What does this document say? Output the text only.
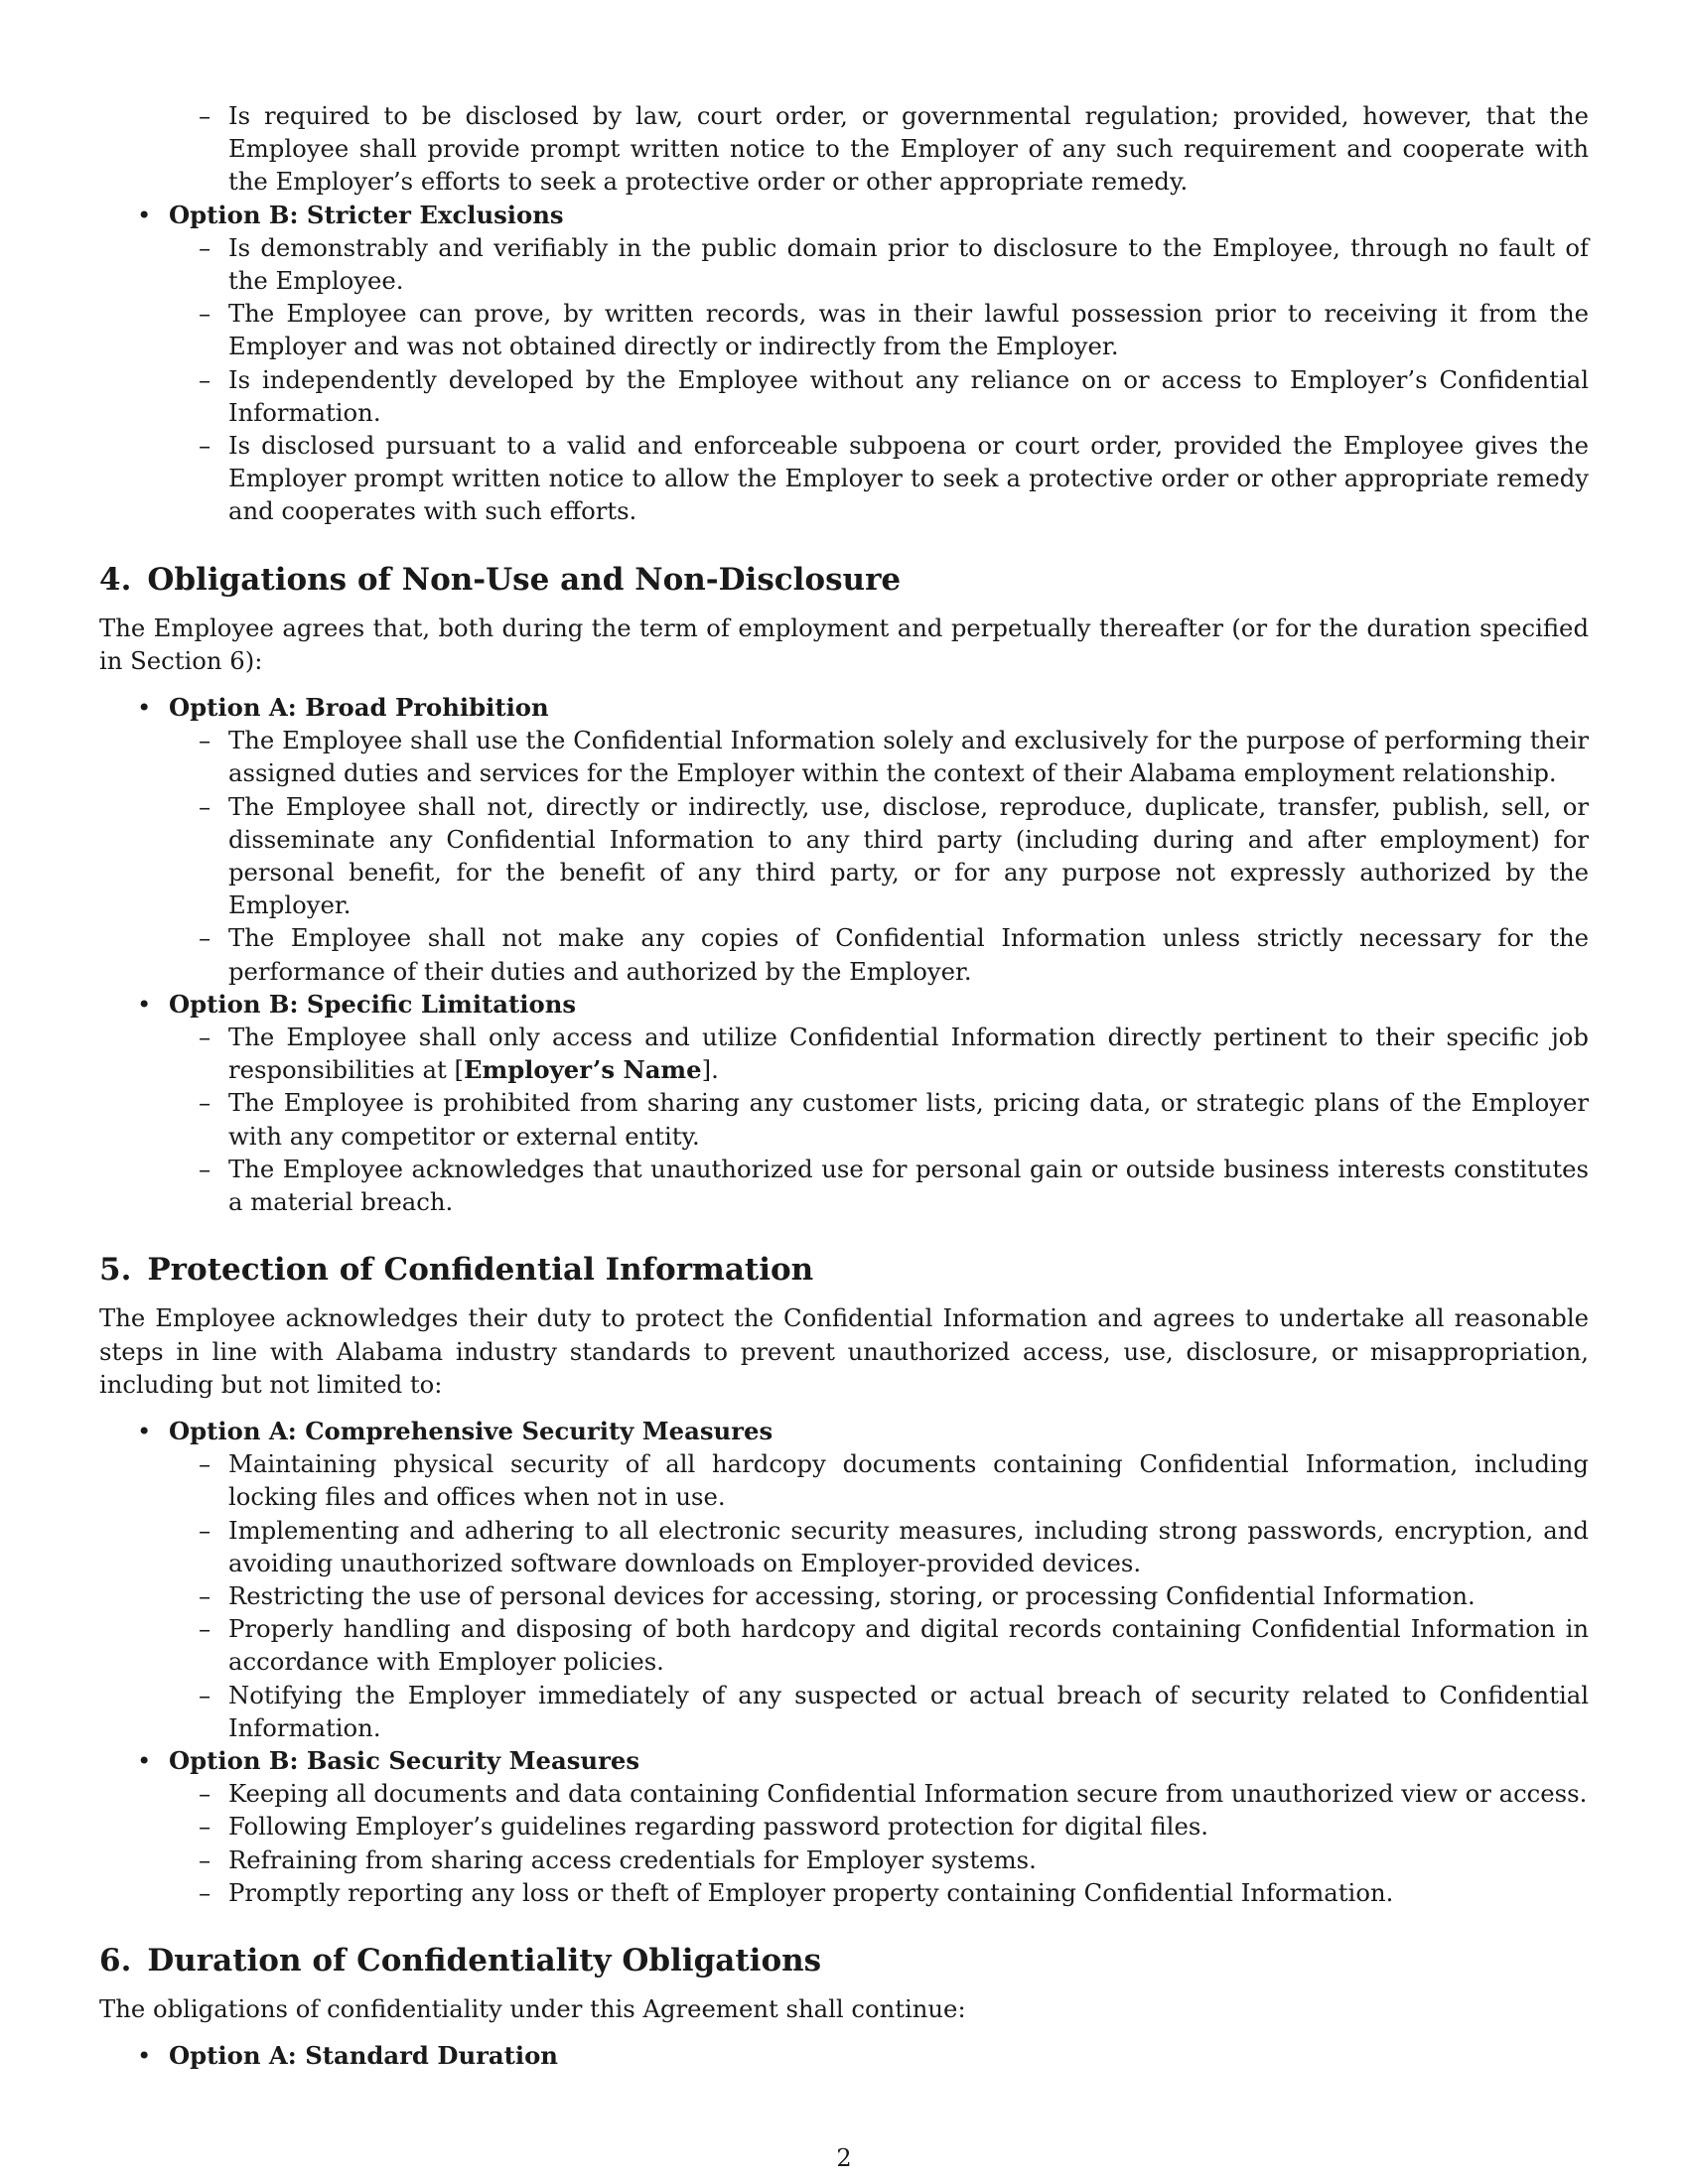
– Is required to be disclosed by law, court order, or governmental regulation; provided, however, that the Employee shall provide prompt written notice to the Employer of any such requirement and cooperate with the Employer’s efforts to seek a protective order or other appropriate remedy.
• Option B: Stricter Exclusions
– Is demonstrably and verifiably in the public domain prior to disclosure to the Employee, through no fault of the Employee.
– The Employee can prove, by written records, was in their lawful possession prior to receiving it from the Employer and was not obtained directly or indirectly from the Employer.
– Is independently developed by the Employee without any reliance on or access to Employer’s Confidential Information.
– Is disclosed pursuant to a valid and enforceable subpoena or court order, provided the Employee gives the Employer prompt written notice to allow the Employer to seek a protective order or other appropriate remedy and cooperates with such efforts.
4. Obligations of Non-Use and Non-Disclosure

The Employee agrees that, both during the term of employment and perpetually thereafter (or for the duration specified in Section 6):

• Option A: Broad Prohibition
– The Employee shall use the Confidential Information solely and exclusively for the purpose of performing their assigned duties and services for the Employer within the context of their Alabama employment relationship.
– The Employee shall not, directly or indirectly, use, disclose, reproduce, duplicate, transfer, publish, sell, or disseminate any Confidential Information to any third party (including during and after employment) for personal benefit, for the benefit of any third party, or for any purpose not expressly authorized by the Employer.
– The Employee shall not make any copies of Confidential Information unless strictly necessary for the performance of their duties and authorized by the Employer.
• Option B: Specific Limitations
– The Employee shall only access and utilize Confidential Information directly pertinent to their specific job responsibilities at [Employer’s Name].
– The Employee is prohibited from sharing any customer lists, pricing data, or strategic plans of the Employer with any competitor or external entity.
– The Employee acknowledges that unauthorized use for personal gain or outside business interests constitutes a material breach.
5. Protection of Confidential Information

The Employee acknowledges their duty to protect the Confidential Information and agrees to undertake all reasonable steps in line with Alabama industry standards to prevent unauthorized access, use, disclosure, or misappropriation, including but not limited to:

• Option A: Comprehensive Security Measures
– Maintaining physical security of all hardcopy documents containing Confidential Information, including locking files and offices when not in use.
– Implementing and adhering to all electronic security measures, including strong passwords, encryption, and avoiding unauthorized software downloads on Employer-provided devices.
– Restricting the use of personal devices for accessing, storing, or processing Confidential Information.
– Properly handling and disposing of both hardcopy and digital records containing Confidential Information in accordance with Employer policies.
– Notifying the Employer immediately of any suspected or actual breach of security related to Confidential Information.
• Option B: Basic Security Measures
– Keeping all documents and data containing Confidential Information secure from unauthorized view or access.
– Following Employer’s guidelines regarding password protection for digital files.
– Refraining from sharing access credentials for Employer systems.
– Promptly reporting any loss or theft of Employer property containing Confidential Information.
6. Duration of Confidentiality Obligations

The obligations of confidentiality under this Agreement shall continue:

• Option A: Standard Duration
2
